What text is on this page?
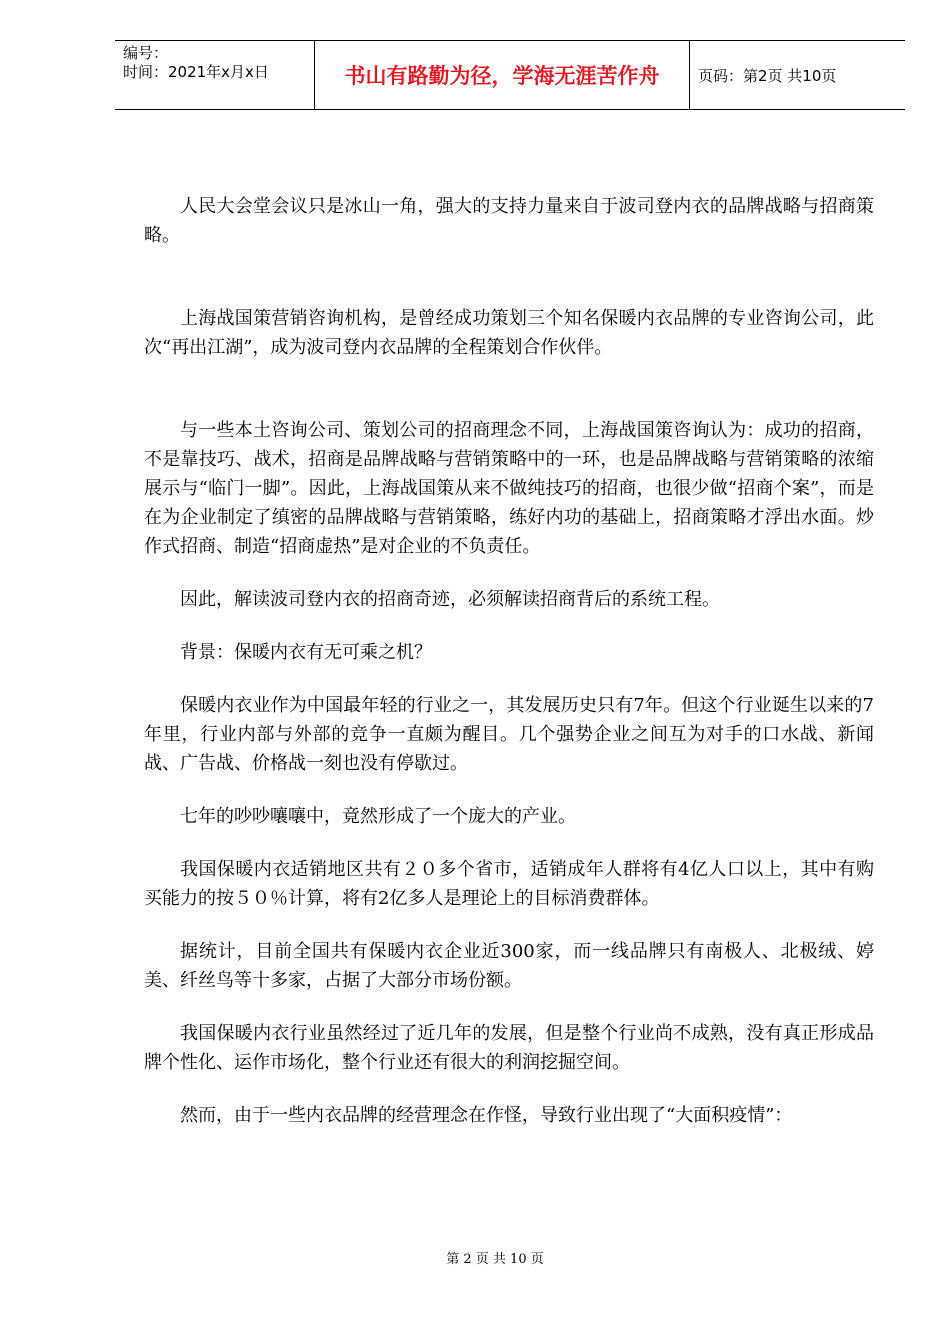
编号：
时间：2021年x月x日	书山有路勤为径，学海无涯苦作舟	页码：第2页 共10页

人民大会堂会议只是冰山一角，强大的支持力量来自于波司登内衣的品牌战略与招商策略。

上海战国策营销咨询机构，是曾经成功策划三个知名保暖内衣品牌的专业咨询公司，此次“再出江湖”，成为波司登内衣品牌的全程策划合作伙伴。

与一些本土咨询公司、策划公司的招商理念不同，上海战国策咨询认为：成功的招商，不是靠技巧、战术，招商是品牌战略与营销策略中的一环，也是品牌战略与营销策略的浓缩展示与“临门一脚”。因此，上海战国策从来不做纯技巧的招商，也很少做“招商个案”，而是在为企业制定了缜密的品牌战略与营销策略，练好内功的基础上，招商策略才浮出水面。炒作式招商、制造“招商虚热”是对企业的不负责任。

因此，解读波司登内衣的招商奇迹，必须解读招商背后的系统工程。

背景：保暖内衣有无可乘之机？

保暖内衣业作为中国最年轻的行业之一，其发展历史只有7年。但这个行业诞生以来的7年里，行业内部与外部的竞争一直颇为醒目。几个强势企业之间互为对手的口水战、新闻战、广告战、价格战一刻也没有停歇过。

七年的吵吵嚷嚷中，竟然形成了一个庞大的产业。

我国保暖内衣适销地区共有２０多个省市，适销成年人群将有4亿人口以上，其中有购买能力的按５０％计算，将有2亿多人是理论上的目标消费群体。

据统计，目前全国共有保暖内衣企业近300家，而一线品牌只有南极人、北极绒、婷美、纤丝鸟等十多家，占据了大部分市场份额。

我国保暖内衣行业虽然经过了近几年的发展，但是整个行业尚不成熟，没有真正形成品牌个性化、运作市场化，整个行业还有很大的利润挖掘空间。

然而，由于一些内衣品牌的经营理念在作怪，导致行业出现了“大面积疫情”：

第 2 页 共 10 页
